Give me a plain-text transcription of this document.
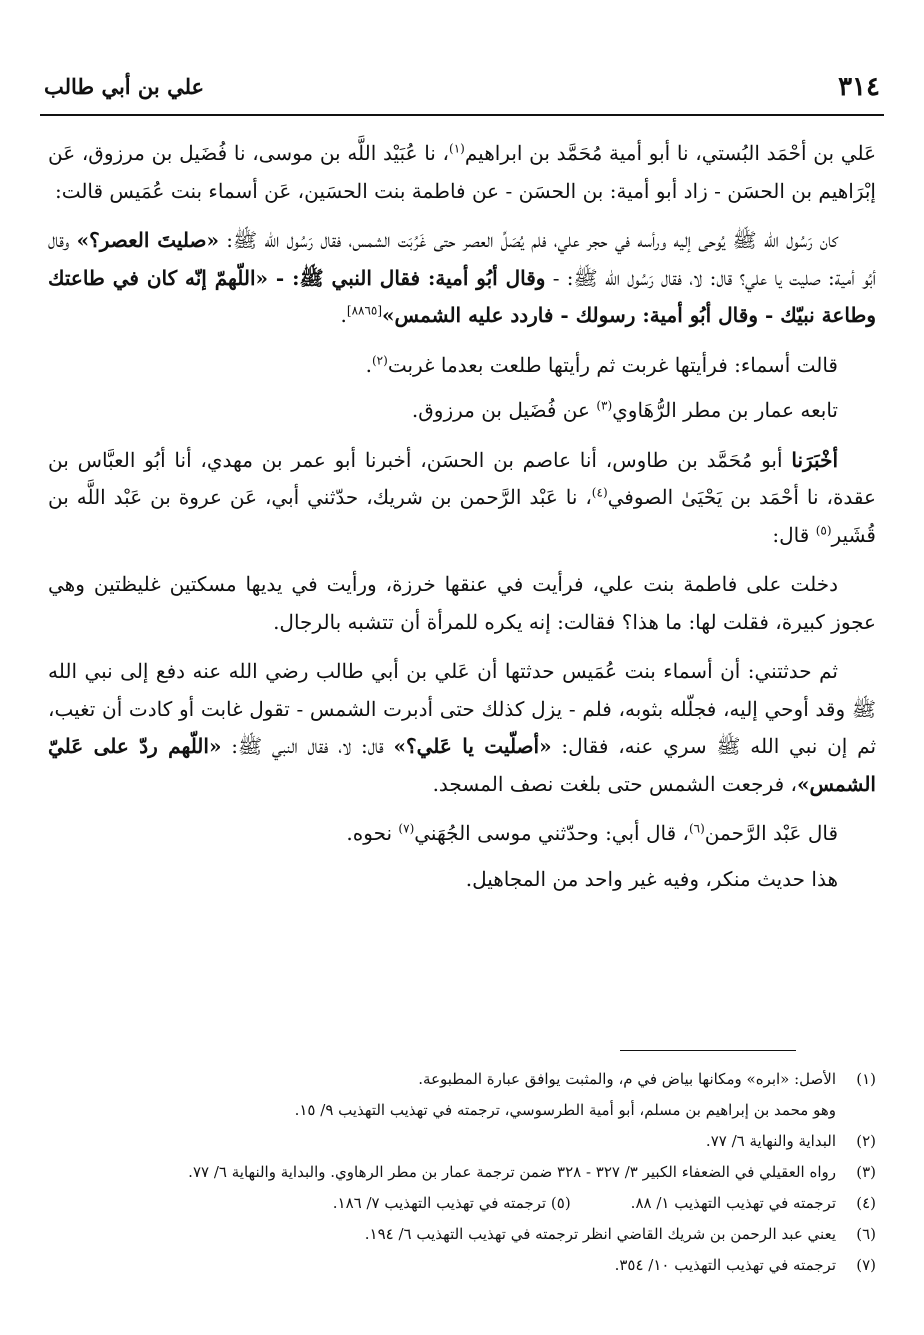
٣١٤
علي بن أبي طالب

عَلي بن أحْمَد البُستي، نا أبو أمية مُحَمَّد بن ابراهيم$^{(١)}$، نا عُبَيْد اللَّه بن موسى، نا فُضَيل بن مرزوق، عَن إبْرَاهيم بن الحسَن - زاد أبو أمية: بن الحسَن - عن فاطمة بنت الحسَين، عَن أسماء بنت عُمَيس قالت:

كان رَسُول الله ﷺ يُوحى إليه ورأسه في حجر علي، فلم يُصَلِّ العصر حتى غَرُبَت الشمس، فقال رَسُول الله ﷺ: «صليتَ العصر؟» وقال أبُو أمية: صليت يا علي؟ قال: لا، فقال رَسُول الله ﷺ: - وقال أبُو أمية: فقال النبي ﷺ: - «اللّهمّ إنّه كان في طاعتك وطاعة نبيّك - وقال أبُو أمية: رسولك - فاردد عليه الشمس»[٨٨٦٥].

قالت أسماء: فرأيتها غربت ثم رأيتها طلعت بعدما غربت$^{(٢)}$.

تابعه عمار بن مطر الرُّهَاوي$^{(٣)}$ عن فُضَيل بن مرزوق.

أخْبَرَنا أبو مُحَمَّد بن طاوس، أنا عاصم بن الحسَن، أخبرنا أبو عمر بن مهدي، أنا أبُو العبَّاس بن عقدة، نا أحْمَد بن يَحْيَىٰ الصوفي$^{(٤)}$، نا عَبْد الرَّحمن بن شريك، حدّثني أبي، عَن عروة بن عَبْد اللَّه بن قُشَير$^{(٥)}$ قال:

دخلت على فاطمة بنت علي، فرأيت في عنقها خرزة، ورأيت في يديها مسكتين غليظتين وهي عجوز كبيرة، فقلت لها: ما هذا؟ فقالت: إنه يكره للمرأة أن تتشبه بالرجال.

ثم حدثتني: أن أسماء بنت عُمَيس حدثتها أن عَلي بن أبي طالب رضي الله عنه دفع إلى نبي الله ﷺ وقد أوحي إليه، فجلّله بثوبه، فلم - يزل كذلك حتى أدبرت الشمس - تقول غابت أو كادت أن تغيب، ثم إن نبي الله ﷺ سري عنه، فقال: «أصلّيت يا عَلي؟» قال: لا، فقال النبي ﷺ: «اللّهم ردّ على عَليّ الشمس»، فرجعت الشمس حتى بلغت نصف المسجد.

قال عَبْد الرَّحمن$^{(٦)}$، قال أبي: وحدّثني موسى الجُهَني$^{(٧)}$ نحوه.

هذا حديث منكر، وفيه غير واحد من المجاهيل.

(١)
الأصل: «ابره» ومكانها بياض في م، والمثبت يوافق عبارة المطبوعة.
وهو محمد بن إبراهيم بن مسلم، أبو أمية الطرسوسي، ترجمته في تهذيب التهذيب ٩/ ١٥.
(٢)
البداية والنهاية ٦/ ٧٧.
(٣)
رواه العقيلي في الضعفاء الكبير ٣/ ٣٢٧ - ٣٢٨ ضمن ترجمة عمار بن مطر الرهاوي. والبداية والنهاية ٦/ ٧٧.
(٤)
ترجمته في تهذيب التهذيب ١/ ٨٨.(٥) ترجمته في تهذيب التهذيب ٧/ ١٨٦.
(٦)
يعني عبد الرحمن بن شريك القاضي انظر ترجمته في تهذيب التهذيب ٦/ ١٩٤.
(٧)
ترجمته في تهذيب التهذيب ١٠/ ٣٥٤.
